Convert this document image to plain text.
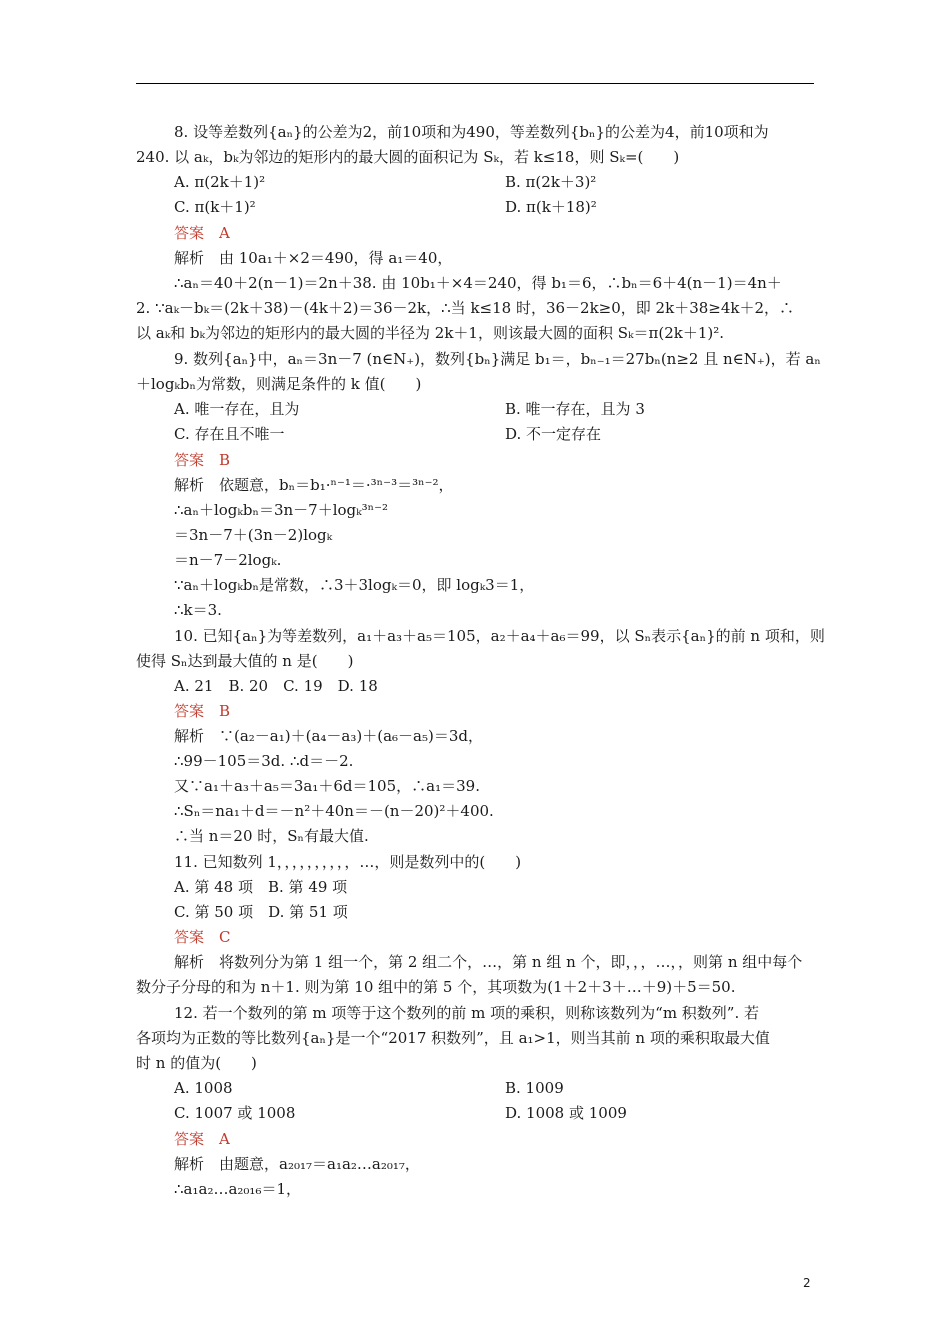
8. 设等差数列{aₙ}的公差为2，前10项和为490，等差数列{bₙ}的公差为4，前10项和为
240. 以 aₖ，bₖ为邻边的矩形内的最大圆的面积记为 Sₖ，若 k≤18，则 Sₖ=(　　)
答案　A
解析　由 10a₁＋×2＝490，得 a₁＝40，
∴aₙ＝40＋2(n－1)＝2n＋38. 由 10b₁＋×4＝240，得 b₁＝6，∴bₙ＝6＋4(n－1)＝4n＋
2. ∵aₖ－bₖ＝(2k＋38)－(4k＋2)＝36－2k，∴当 k≤18 时，36－2k≥0，即 2k＋38≥4k＋2，∴
以 aₖ和 bₖ为邻边的矩形内的最大圆的半径为 2k＋1，则该最大圆的面积 Sₖ＝π(2k＋1)².
9. 数列{aₙ}中，aₙ＝3n－7 (n∈N₊)，数列{bₙ}满足 b₁＝，bₙ₋₁＝27bₙ(n≥2 且 n∈N₊)，若 aₙ
＋logₖbₙ为常数，则满足条件的 k 值(　　)
答案　B
解析　依题意，bₙ＝b₁·ⁿ⁻¹＝·³ⁿ⁻³＝³ⁿ⁻²，
∴aₙ＋logₖbₙ＝3n－7＋logₖ³ⁿ⁻²
＝3n－7＋(3n－2)logₖ
＝n－7－2logₖ.
∵aₙ＋logₖbₙ是常数，∴3＋3logₖ＝0，即 logₖ3＝1，
∴k＝3.
10. 已知{aₙ}为等差数列，a₁＋a₃＋a₅＝105，a₂＋a₄＋a₆＝99，以 Sₙ表示{aₙ}的前 n 项和，则
使得 Sₙ达到最大值的 n 是(　　)
A. 21　B. 20　C. 19　D. 18
答案　B
解析　∵(a₂－a₁)＋(a₄－a₃)＋(a₆－a₅)＝3d，
∴99－105＝3d. ∴d＝－2.
又∵a₁＋a₃＋a₅＝3a₁＋6d＝105，∴a₁＝39.
∴Sₙ＝na₁＋d＝－n²＋40n＝－(n－20)²＋400.
∴当 n＝20 时，Sₙ有最大值.
11. 已知数列 1，，，，，，，，，，…，则是数列中的(　　)
A. 第 48 项　B. 第 49 项
C. 第 50 项　D. 第 51 项
答案　C
解析　将数列分为第 1 组一个，第 2 组二个，…，第 n 组 n 个，即，，，…，，则第 n 组中每个
数分子分母的和为 n＋1. 则为第 10 组中的第 5 个，其项数为(1＋2＋3＋…＋9)＋5＝50.
12. 若一个数列的第 m 项等于这个数列的前 m 项的乘积，则称该数列为“m 积数列”. 若
各项均为正数的等比数列{aₙ}是一个“2017 积数列”，且 a₁>1，则当其前 n 项的乘积取最大值
时 n 的值为(　　)
答案　A
解析　由题意，a₂₀₁₇＝a₁a₂…a₂₀₁₇，
∴a₁a₂…a₂₀₁₆＝1，
A. π(2k＋1)²	B. π(2k＋3)²
C. π(k＋1)²	D. π(k＋18)²
A. 唯一存在，且为	B. 唯一存在，且为 3
C. 存在且不唯一	D. 不一定存在
A. 1008	B. 1009
C. 1007 或 1008	D. 1008 或 1009
2
